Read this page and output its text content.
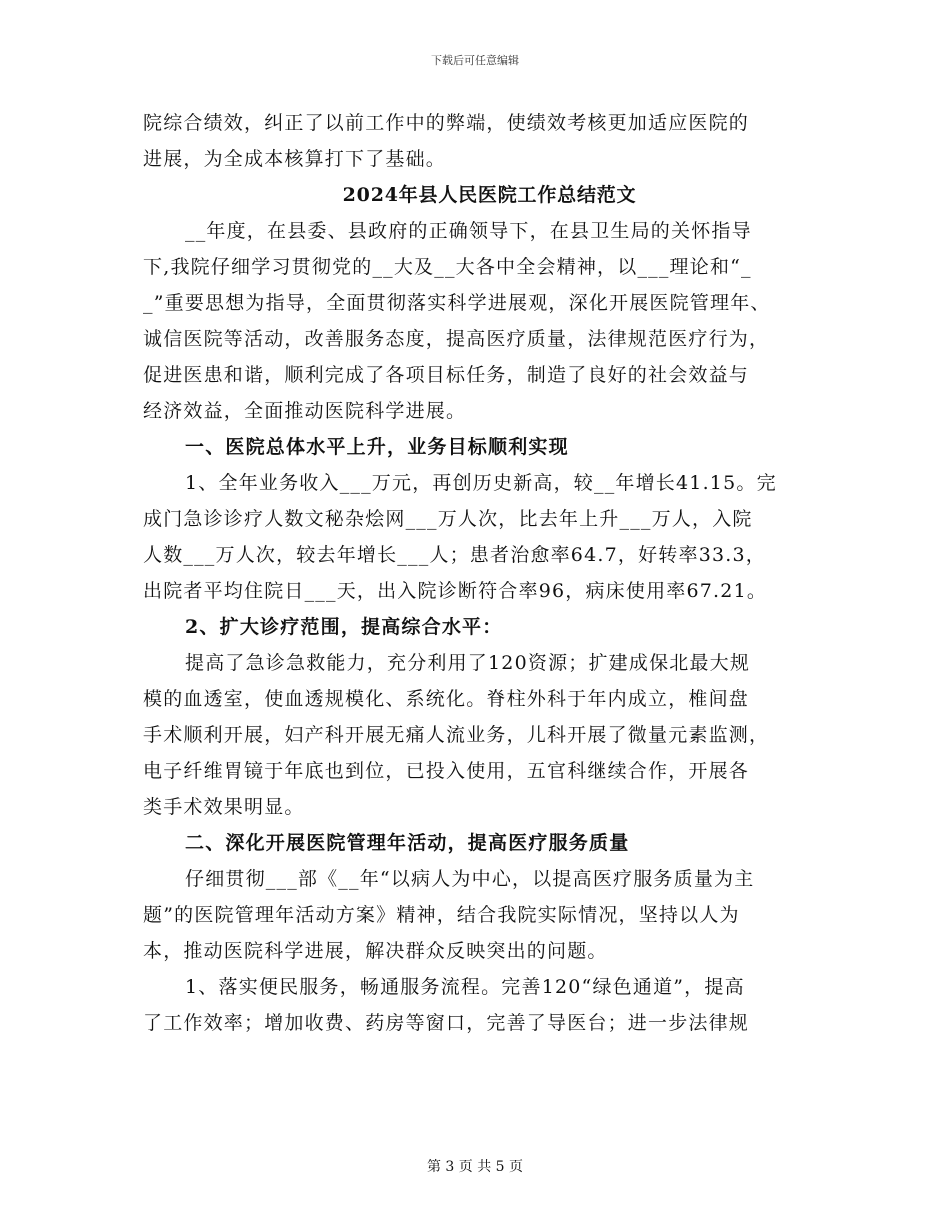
下载后可任意编辑
院综合绩效，纠正了以前工作中的弊端，使绩效考核更加适应医院的
进展，为全成本核算打下了基础。
2024年县人民医院工作总结范文
__年度，在县委、县政府的正确领导下，在县卫生局的关怀指导
下,我院仔细学习贯彻党的__大及__大各中全会精神，以___理论和“_
_”重要思想为指导，全面贯彻落实科学进展观，深化开展医院管理年、
诚信医院等活动，改善服务态度，提高医疗质量，法律规范医疗行为，
促进医患和谐，顺利完成了各项目标任务，制造了良好的社会效益与
经济效益，全面推动医院科学进展。
一、医院总体水平上升，业务目标顺利实现
1、全年业务收入___万元，再创历史新高，较__年增长41.15。完
成门急诊诊疗人数文秘杂烩网___万人次，比去年上升___万人，入院
人数___万人次，较去年增长___人；患者治愈率64.7，好转率33.3，
出院者平均住院日___天，出入院诊断符合率96，病床使用率67.21。
2、扩大诊疗范围，提高综合水平：
提高了急诊急救能力，充分利用了120资源；扩建成保北最大规
模的血透室，使血透规模化、系统化。脊柱外科于年内成立，椎间盘
手术顺利开展，妇产科开展无痛人流业务，儿科开展了微量元素监测，
电子纤维胃镜于年底也到位，已投入使用，五官科继续合作，开展各
类手术效果明显。
二、深化开展医院管理年活动，提高医疗服务质量
仔细贯彻___部《__年“以病人为中心，以提高医疗服务质量为主
题”的医院管理年活动方案》精神，结合我院实际情况，坚持以人为
本，推动医院科学进展，解决群众反映突出的问题。
1、落实便民服务，畅通服务流程。完善120“绿色通道”，提高
了工作效率；增加收费、药房等窗口，完善了导医台；进一步法律规
第 3 页 共 5 页
